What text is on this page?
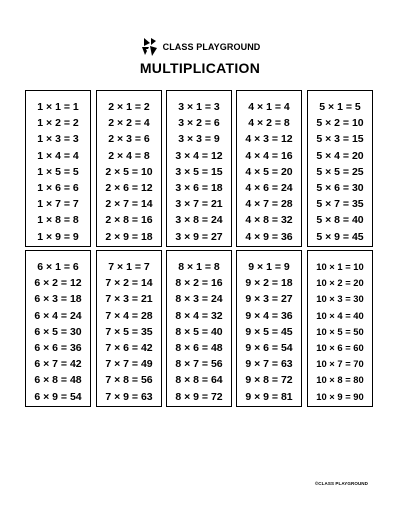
CLASS PLAYGROUND
MULTIPLICATION
1 × 1 = 1
1 × 2 = 2
1 × 3 = 3
1 × 4 = 4
1 × 5 = 5
1 × 6 = 6
1 × 7 = 7
1 × 8 = 8
1 × 9 = 9
2 × 1 = 2
2 × 2 = 4
2 × 3 = 6
2 × 4 = 8
2 × 5 = 10
2 × 6 = 12
2 × 7 = 14
2 × 8 = 16
2 × 9 = 18
3 × 1 = 3
3 × 2 = 6
3 × 3 = 9
3 × 4 = 12
3 × 5 = 15
3 × 6 = 18
3 × 7 = 21
3 × 8 = 24
3 × 9 = 27
4 × 1 = 4
4 × 2 = 8
4 × 3 = 12
4 × 4 = 16
4 × 5 = 20
4 × 6 = 24
4 × 7 = 28
4 × 8 = 32
4 × 9 = 36
5 × 1 = 5
5 × 2 = 10
5 × 3 = 15
5 × 4 = 20
5 × 5 = 25
5 × 6 = 30
5 × 7 = 35
5 × 8 = 40
5 × 9 = 45
6 × 1 = 6
6 × 2 = 12
6 × 3 = 18
6 × 4 = 24
6 × 5 = 30
6 × 6 = 36
6 × 7 = 42
6 × 8 = 48
6 × 9 = 54
7 × 1 = 7
7 × 2 = 14
7 × 3 = 21
7 × 4 = 28
7 × 5 = 35
7 × 6 = 42
7 × 7 = 49
7 × 8 = 56
7 × 9 = 63
8 × 1 = 8
8 × 2 = 16
8 × 3 = 24
8 × 4 = 32
8 × 5 = 40
8 × 6 = 48
8 × 7 = 56
8 × 8 = 64
8 × 9 = 72
9 × 1 = 9
9 × 2 = 18
9 × 3 = 27
9 × 4 = 36
9 × 5 = 45
9 × 6 = 54
9 × 7 = 63
9 × 8 = 72
9 × 9 = 81
10 × 1 = 10
10 × 2 = 20
10 × 3 = 30
10 × 4 = 40
10 × 5 = 50
10 × 6 = 60
10 × 7 = 70
10 × 8 = 80
10 × 9 = 90
©CLASS PLAYGROUND
